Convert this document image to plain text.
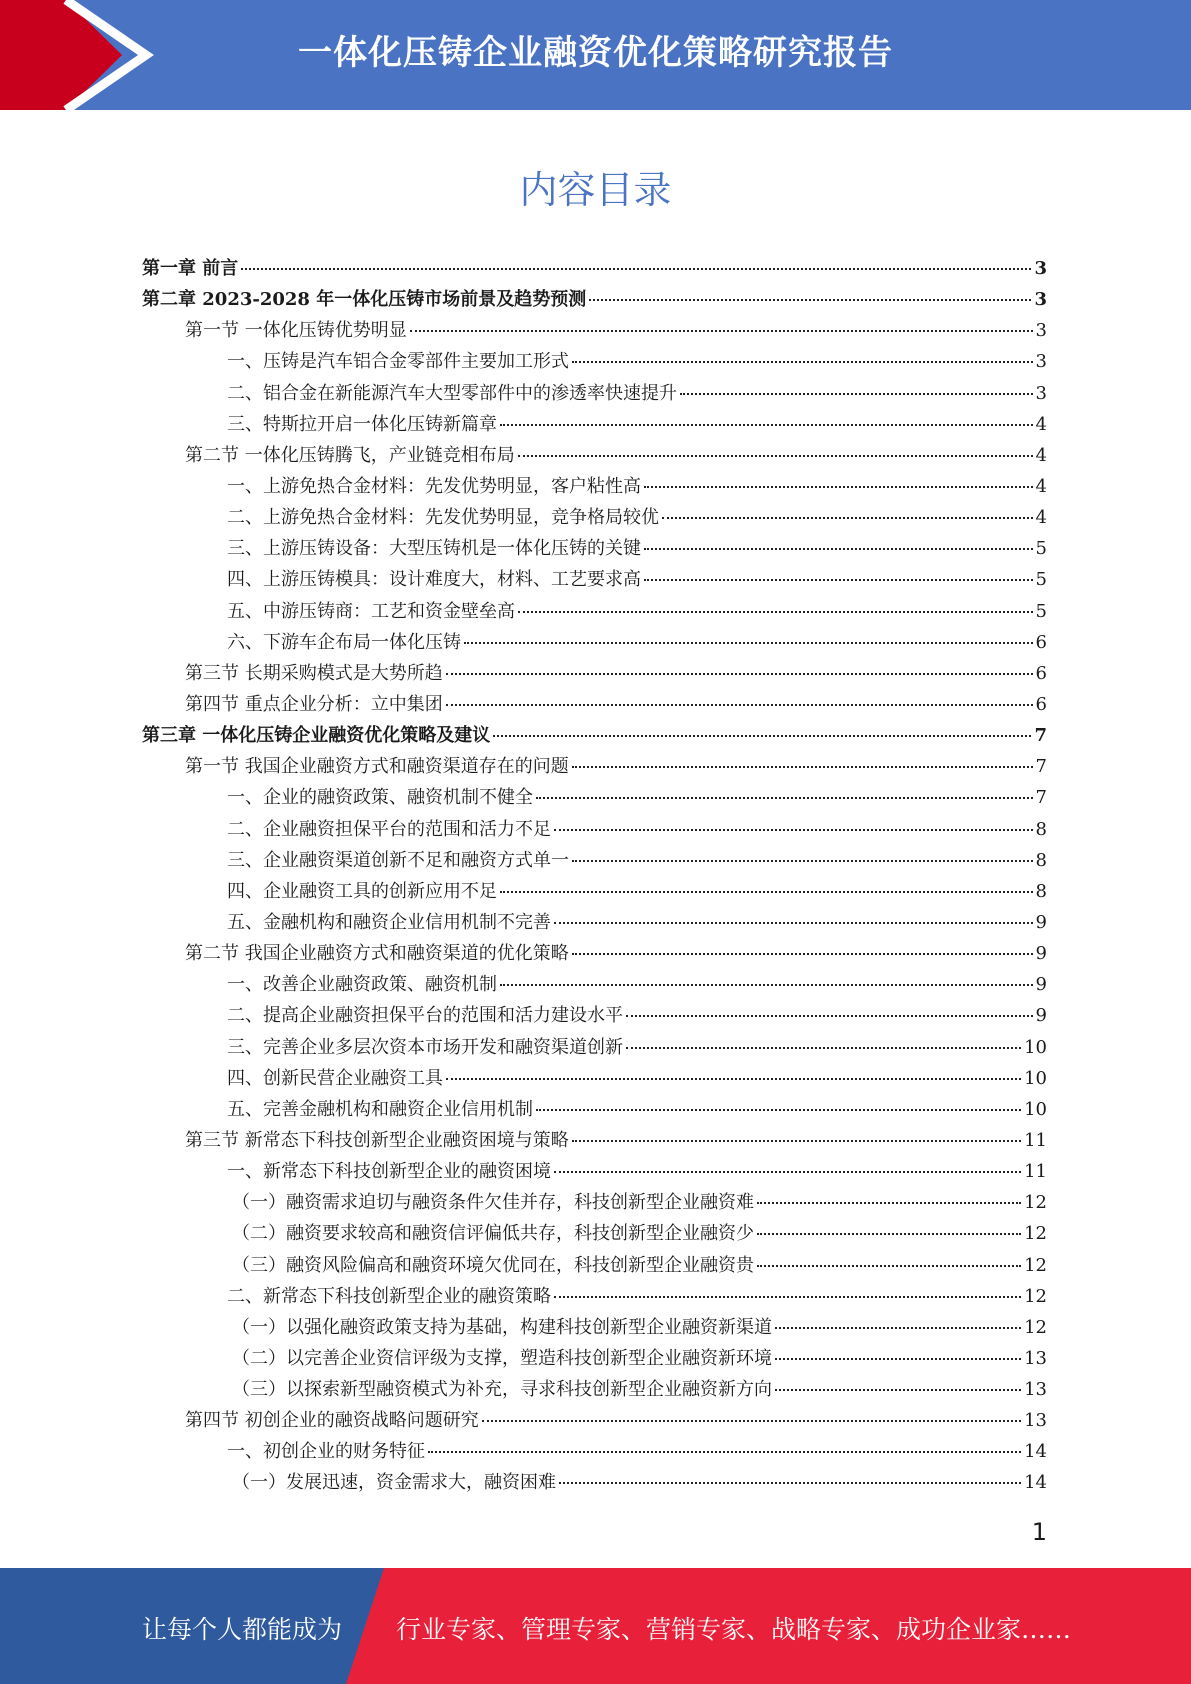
一体化压铸企业融资优化策略研究报告
内容目录
第一章 前言	3
第二章 2023-2028 年一体化压铸市场前景及趋势预测	3
第一节 一体化压铸优势明显	3
一、压铸是汽车铝合金零部件主要加工形式	3
二、铝合金在新能源汽车大型零部件中的渗透率快速提升	3
三、特斯拉开启一体化压铸新篇章	4
第二节 一体化压铸腾飞，产业链竞相布局	4
一、上游免热合金材料：先发优势明显，客户粘性高	4
二、上游免热合金材料：先发优势明显，竞争格局较优	4
三、上游压铸设备：大型压铸机是一体化压铸的关键	5
四、上游压铸模具：设计难度大，材料、工艺要求高	5
五、中游压铸商：工艺和资金壁垒高	5
六、下游车企布局一体化压铸	6
第三节 长期采购模式是大势所趋	6
第四节 重点企业分析：立中集团	6
第三章 一体化压铸企业融资优化策略及建议	7
第一节 我国企业融资方式和融资渠道存在的问题	7
一、企业的融资政策、融资机制不健全	7
二、企业融资担保平台的范围和活力不足	8
三、企业融资渠道创新不足和融资方式单一	8
四、企业融资工具的创新应用不足	8
五、金融机构和融资企业信用机制不完善	9
第二节 我国企业融资方式和融资渠道的优化策略	9
一、改善企业融资政策、融资机制	9
二、提高企业融资担保平台的范围和活力建设水平	9
三、完善企业多层次资本市场开发和融资渠道创新	10
四、创新民营企业融资工具	10
五、完善金融机构和融资企业信用机制	10
第三节 新常态下科技创新型企业融资困境与策略	11
一、新常态下科技创新型企业的融资困境	11
（一）融资需求迫切与融资条件欠佳并存，科技创新型企业融资难	12
（二）融资要求较高和融资信评偏低共存，科技创新型企业融资少	12
（三）融资风险偏高和融资环境欠优同在，科技创新型企业融资贵	12
二、新常态下科技创新型企业的融资策略	12
（一）以强化融资政策支持为基础，构建科技创新型企业融资新渠道	12
（二）以完善企业资信评级为支撑，塑造科技创新型企业融资新环境	13
（三）以探索新型融资模式为补充，寻求科技创新型企业融资新方向	13
第四节 初创企业的融资战略问题研究	13
一、初创企业的财务特征	14
（一）发展迅速，资金需求大，融资困难	14
1
让每个人都能成为 行业专家、管理专家、营销专家、战略专家、成功企业家……
